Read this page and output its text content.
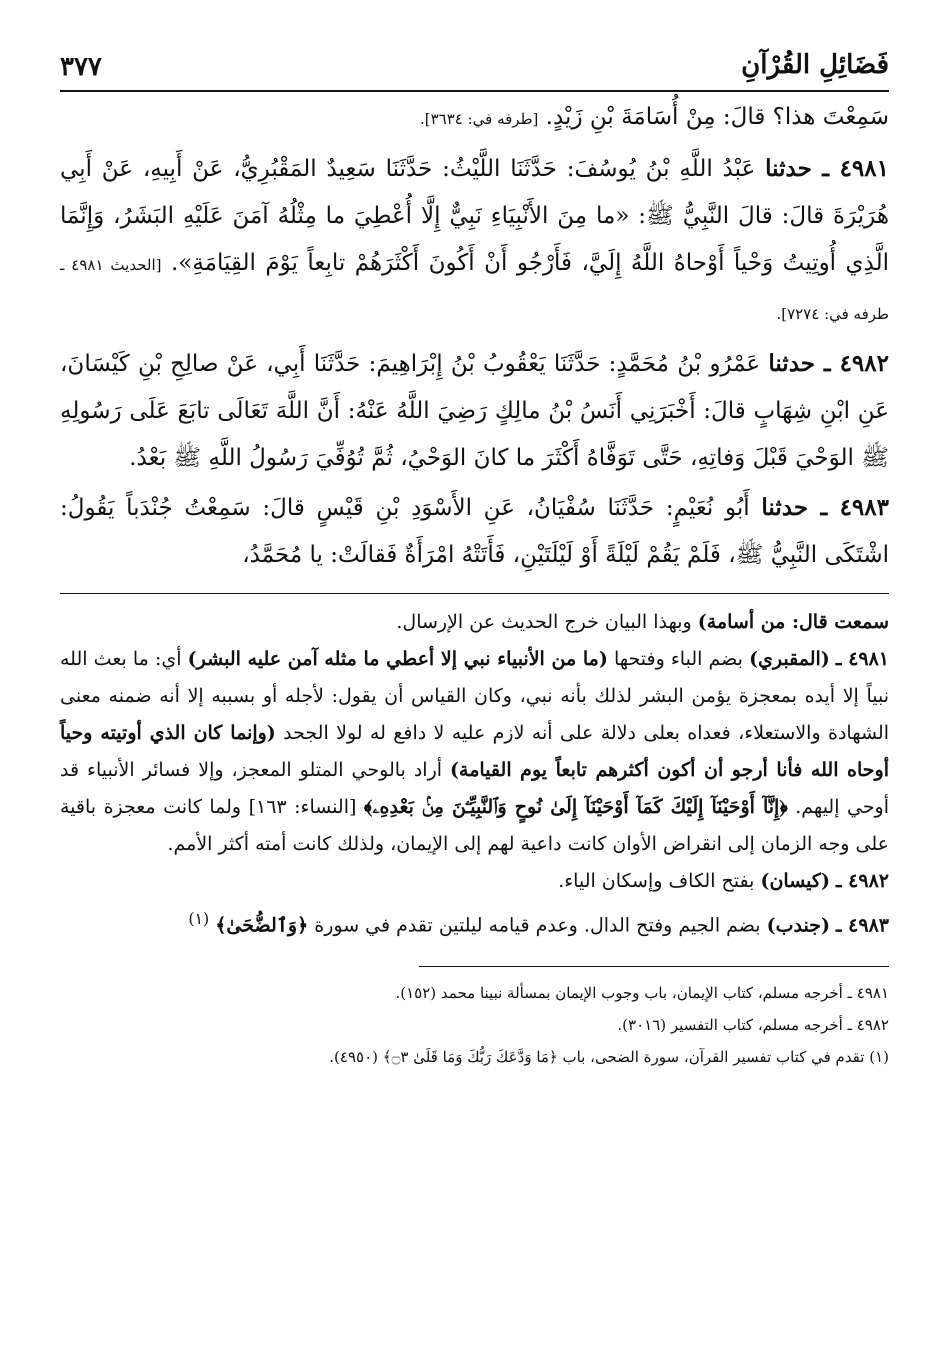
فَضَائِلِ القُرْآنِ
٣٧٧

سَمِعْتَ هذا؟ قالَ: مِنْ أُسَامَةَ بْنِ زَيْدٍ. [طرفه في: ٣٦٣٤].

٤٩٨١ ـ حدثنا عَبْدُ اللَّهِ بْنُ يُوسُفَ: حَدَّثَنَا اللَّيْثُ: حَدَّثَنَا سَعِيدٌ المَقْبُرِيُّ، عَنْ أَبِيهِ، عَنْ أَبِي هُرَيْرَةَ قالَ: قالَ النَّبِيُّ ﷺ: «ما مِنَ الأَنْبِيَاءِ نَبِيٌّ إِلَّا أُعْطِيَ ما مِثْلُهُ آمَنَ عَلَيْهِ البَشَرُ، وَإِنَّمَا الَّذِي أُوتِيتُ وَحْياً أَوْحاهُ اللَّهُ إِلَيَّ، فَأَرْجُو أَنْ أَكُونَ أَكْثَرَهُمْ تابِعاً يَوْمَ القِيَامَةِ». [الحديث ٤٩٨١ ـ طرفه في: ٧٢٧٤].

٤٩٨٢ ـ حدثنا عَمْرُو بْنُ مُحَمَّدٍ: حَدَّثَنَا يَعْقُوبُ بْنُ إِبْرَاهِيمَ: حَدَّثَنَا أَبِي، عَنْ صالِحِ بْنِ كَيْسَانَ، عَنِ ابْنِ شِهَابٍ قالَ: أَخْبَرَنِي أَنَسُ بْنُ مالِكٍ رَضِيَ اللَّهُ عَنْهُ: أَنَّ اللَّهَ تَعَالَى تابَعَ عَلَى رَسُولِهِ ﷺ الوَحْيَ قَبْلَ وَفاتِهِ، حَتَّى تَوَفَّاهُ أَكْثَرَ ما كانَ الوَحْيُ، ثُمَّ تُوُفِّيَ رَسُولُ اللَّهِ ﷺ بَعْدُ.

٤٩٨٣ ـ حدثنا أَبُو نُعَيْمٍ: حَدَّثَنَا سُفْيَانُ، عَنِ الأَسْوَدِ بْنِ قَيْسٍ قالَ: سَمِعْتُ جُنْدَباً يَقُولُ: اشْتَكَى النَّبِيُّ ﷺ، فَلَمْ يَقُمْ لَيْلَةً أَوْ لَيْلَتَيْنِ، فَأَتَتْهُ امْرَأَةٌ فَقالَتْ: يا مُحَمَّدُ،

سمعت قال: من أسامة) وبهذا البيان خرج الحديث عن الإرسال.

٤٩٨١ ـ (المقبري) بضم الباء وفتحها (ما من الأنبياء نبي إلا أعطي ما مثله آمن عليه البشر) أي: ما بعث الله نبياً إلا أيده بمعجزة يؤمن البشر لذلك بأنه نبي، وكان القياس أن يقول: لأجله أو بسببه إلا أنه ضمنه معنى الشهادة والاستعلاء، فعداه بعلى دلالة على أنه لازم عليه لا دافع له لولا الجحد (وإنما كان الذي أوتيته وحياً أوحاه الله فأنا أرجو أن أكون أكثرهم تابعاً يوم القيامة) أراد بالوحي المتلو المعجز، وإلا فسائر الأنبياء قد أوحي إليهم. ﴿إِنَّآ أَوْحَيْنَآ إِلَيْكَ كَمَآ أَوْحَيْنَآ إِلَىٰ نُوحٍ وَٱلنَّبِيِّـۧنَ مِنۢ بَعْدِهِۦ﴾ [النساء: ١٦٣] ولما كانت معجزة باقية على وجه الزمان إلى انقراض الأوان كانت داعية لهم إلى الإيمان، ولذلك كانت أمته أكثر الأمم.

٤٩٨٢ ـ (كيسان) بفتح الكاف وإسكان الياء.

٤٩٨٣ ـ (جندب) بضم الجيم وفتح الدال. وعدم قيامه ليلتين تقدم في سورة ﴿وَٱلضُّحَىٰ﴾ $^{(١)}$

٤٩٨١ ـ أخرجه مسلم، كتاب الإيمان، باب وجوب الإيمان بمسألة نبينا محمد (١٥٢).

٤٩٨٢ ـ أخرجه مسلم، كتاب التفسير (٣٠١٦).

(١) تقدم في كتاب تفسير القرآن، سورة الضحى، باب ﴿مَا وَدَّعَكَ رَبُّكَ وَمَا قَلَىٰ ۝٣﴾ (٤٩٥٠).
